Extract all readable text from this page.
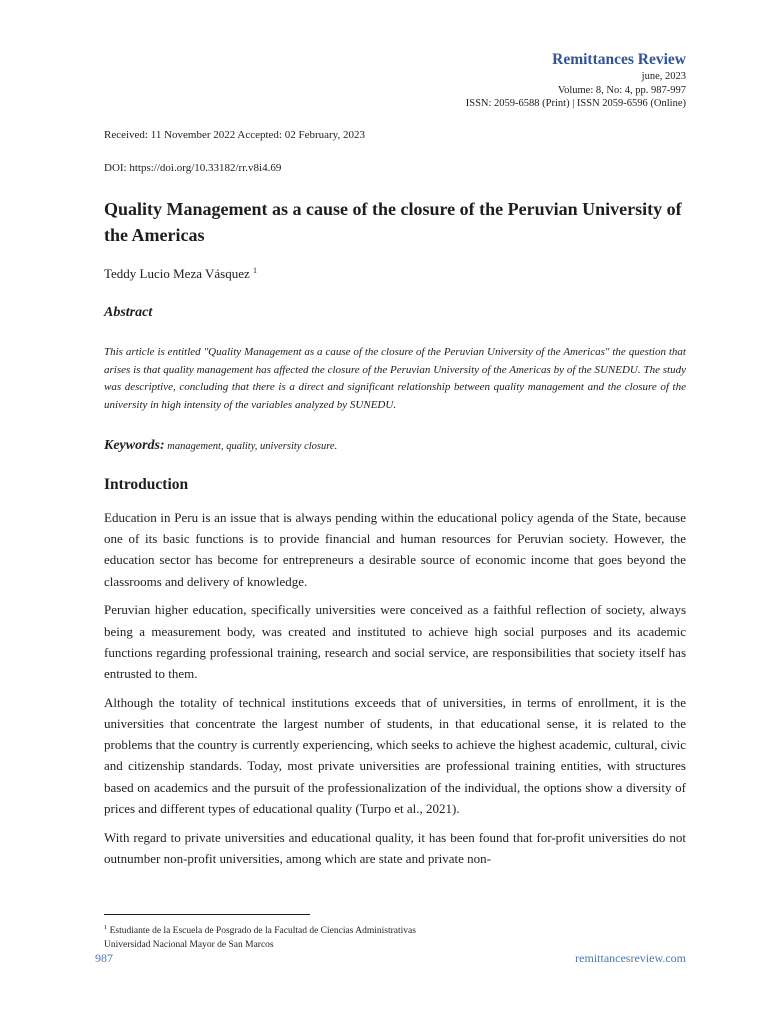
Remittances Review
june, 2023
Volume: 8, No: 4, pp. 987-997
ISSN: 2059-6588 (Print) | ISSN 2059-6596 (Online)
Received: 11 November 2022 Accepted: 02 February, 2023
DOI: https://doi.org/10.33182/rr.v8i4.69
Quality Management as a cause of the closure of the Peruvian University of the Americas
Teddy Lucio Meza Vásquez $^1$
Abstract
This article is entitled "Quality Management as a cause of the closure of the Peruvian University of the Americas" the question that arises is that quality management has affected the closure of the Peruvian University of the Americas by of the SUNEDU. The study was descriptive, concluding that there is a direct and significant relationship between quality management and the closure of the university in high intensity of the variables analyzed by SUNEDU.
Keywords: management, quality, university closure.
Introduction

Education in Peru is an issue that is always pending within the educational policy agenda of the State, because one of its basic functions is to provide financial and human resources for Peruvian society. However, the education sector has become for entrepreneurs a desirable source of economic income that goes beyond the classrooms and delivery of knowledge.

Peruvian higher education, specifically universities were conceived as a faithful reflection of society, always being a measurement body, was created and instituted to achieve high social purposes and its academic functions regarding professional training, research and social service, are responsibilities that society itself has entrusted to them.

Although the totality of technical institutions exceeds that of universities, in terms of enrollment, it is the universities that concentrate the largest number of students, in that educational sense, it is related to the problems that the country is currently experiencing, which seeks to achieve the highest academic, cultural, civic and citizenship standards. Today, most private universities are professional training entities, with structures based on academics and the pursuit of the professionalization of the individual, the options show a diversity of prices and different types of educational quality (Turpo et al., 2021).

With regard to private universities and educational quality, it has been found that for-profit universities do not outnumber non-profit universities, among which are state and private non-

$^1$ Estudiante de la Escuela de Posgrado de la Facultad de Ciencias Administrativas
Universidad Nacional Mayor de San Marcos
987	remittancesreview.com
